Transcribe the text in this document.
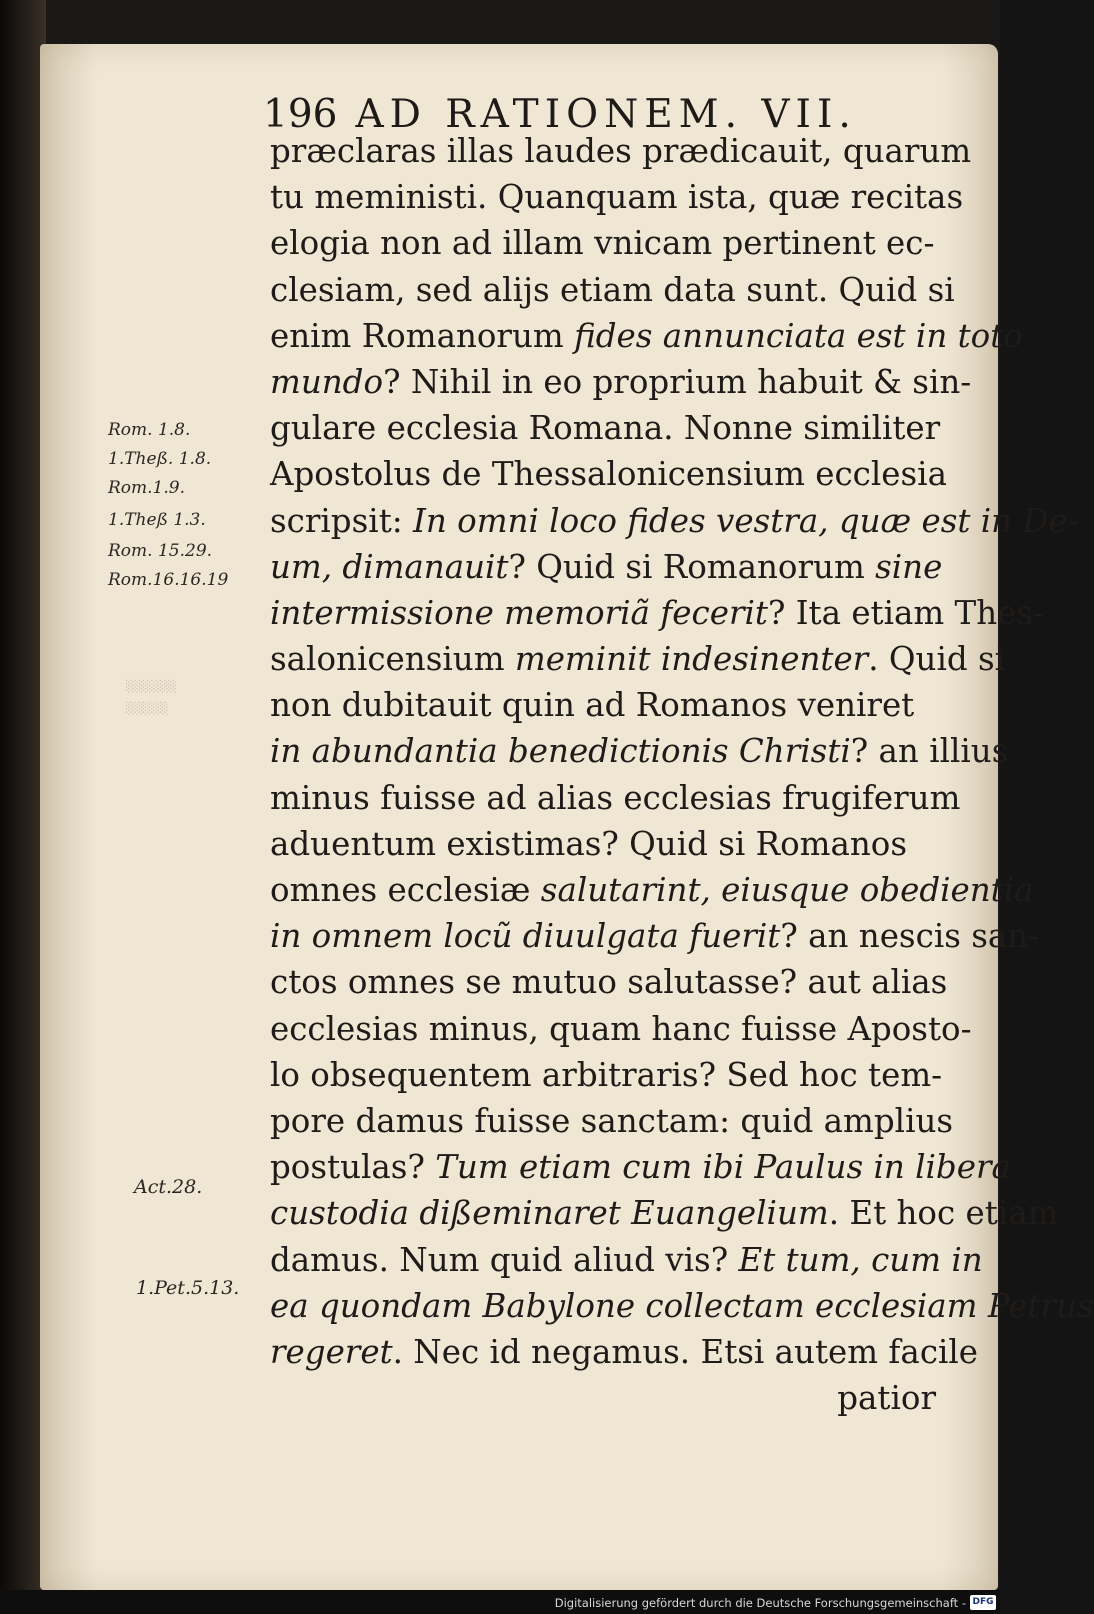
░░░░░░
░░░░░
196 AD RATIONEM. VII.
præclaras illas laudes prædicauit, quarum
tu meministi. Quanquam ista, quæ recitas
elogia non ad illam vnicam pertinent ec-
clesiam, sed alijs etiam data sunt. Quid si
enim Romanorum fides annunciata est in toto
mundo? Nihil in eo proprium habuit & sin-
gulare ecclesia Romana. Nonne similiter
Apostolus de Thessalonicensium ecclesia
scripsit: In omni loco fides vestra, quæ est in De-
um, dimanauit? Quid si Romanorum sine
intermissione memoriã fecerit? Ita etiam Thes-
salonicensium meminit indesinenter. Quid si
non dubitauit quin ad Romanos veniret
in abundantia benedictionis Christi? an illius
minus fuisse ad alias ecclesias frugiferum
aduentum existimas? Quid si Romanos
omnes ecclesiæ salutarint, eiusque obedientia
in omnem locũ diuulgata fuerit? an nescis san-
ctos omnes se mutuo salutasse? aut alias
ecclesias minus, quam hanc fuisse Aposto-
lo obsequentem arbitraris? Sed hoc tem-
pore damus fuisse sanctam: quid amplius
postulas? Tum etiam cum ibi Paulus in libera
custodia dißeminaret Euangelium. Et hoc etiam
damus. Num quid aliud vis? Et tum, cum in
ea quondam Babylone collectam ecclesiam Petrus
regeret. Nec id negamus. Etsi autem facile
patior
Rom. 1.8.
1.Theß. 1.8.
Rom.1.9.
1.Theß 1.3.
Rom. 15.29.
Rom.16.16.19
Act.28.
1.Pet.5.13.
Digitalisierung gefördert durch die Deutsche Forschungsgemeinschaft - DFG
